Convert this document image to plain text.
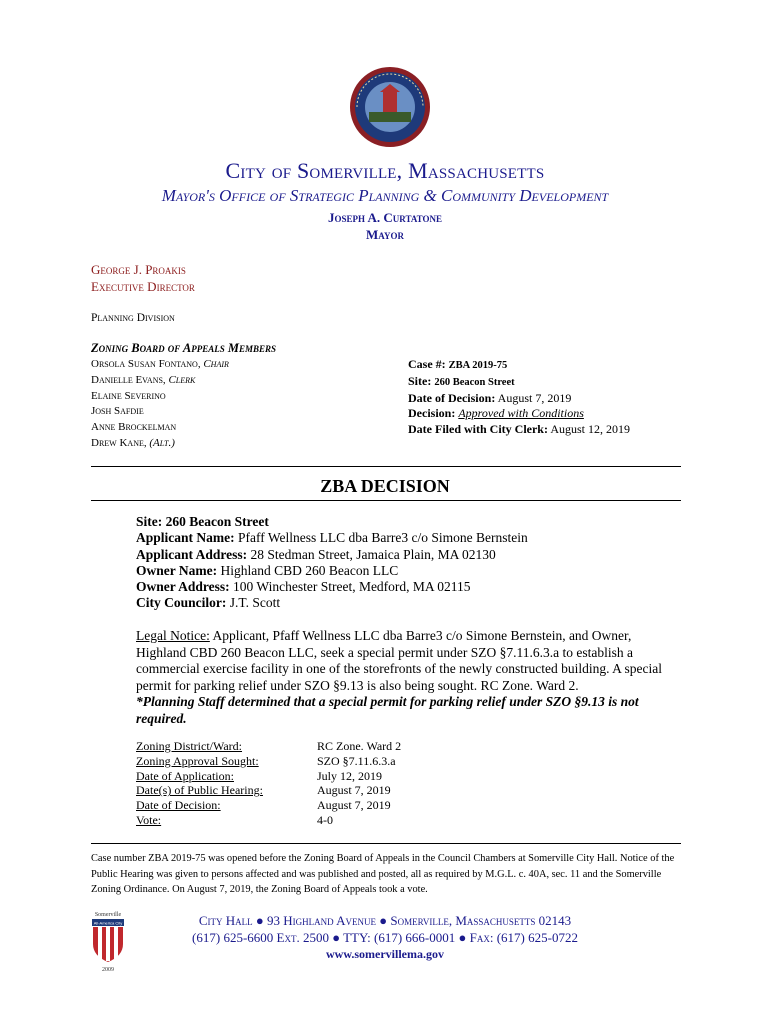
City of Somerville, Massachusetts
Mayor's Office of Strategic Planning & Community Development
Joseph A. Curtatone
Mayor
George J. Proakis
Executive Director
Planning Division
Zoning Board of Appeals Members
Orsola Susan Fontano, Chair
Danielle Evans, Clerk
Elaine Severino
Josh Safdie
Anne Brockelman
Drew Kane, (Alt.)
Case #: ZBA 2019-75
Site: 260 Beacon Street
Date of Decision: August 7, 2019
Decision: Approved with Conditions
Date Filed with City Clerk: August 12, 2019
ZBA DECISION
Site: 260 Beacon Street
Applicant Name: Pfaff Wellness LLC dba Barre3 c/o Simone Bernstein
Applicant Address: 28 Stedman Street, Jamaica Plain, MA 02130
Owner Name: Highland CBD 260 Beacon LLC
Owner Address: 100 Winchester Street, Medford, MA 02115
City Councilor: J.T. Scott
Legal Notice: Applicant, Pfaff Wellness LLC dba Barre3 c/o Simone Bernstein, and Owner, Highland CBD 260 Beacon LLC, seek a special permit under SZO §7.11.6.3.a to establish a commercial exercise facility in one of the storefronts of the newly constructed building. A special permit for parking relief under SZO §9.13 is also being sought. RC Zone. Ward 2.
*Planning Staff determined that a special permit for parking relief under SZO §9.13 is not required.
Zoning District/Ward:	RC Zone. Ward 2
Zoning Approval Sought:	SZO §7.11.6.3.a
Date of Application:	July 12, 2019
Date(s) of Public Hearing:	August 7, 2019
Date of Decision:	August 7, 2019
Vote:	4-0
Case number ZBA 2019-75 was opened before the Zoning Board of Appeals in the Council Chambers at Somerville City Hall. Notice of the Public Hearing was given to persons affected and was published and posted, all as required by M.G.L. c. 40A, sec. 11 and the Somerville Zoning Ordinance. On August 7, 2019, the Zoning Board of Appeals took a vote.
Somerville
All-America City
2009
City Hall ● 93 Highland Avenue ● Somerville, Massachusetts 02143
(617) 625-6600 Ext. 2500 ● TTY: (617) 666-0001 ● Fax: (617) 625-0722
www.somervillema.gov
